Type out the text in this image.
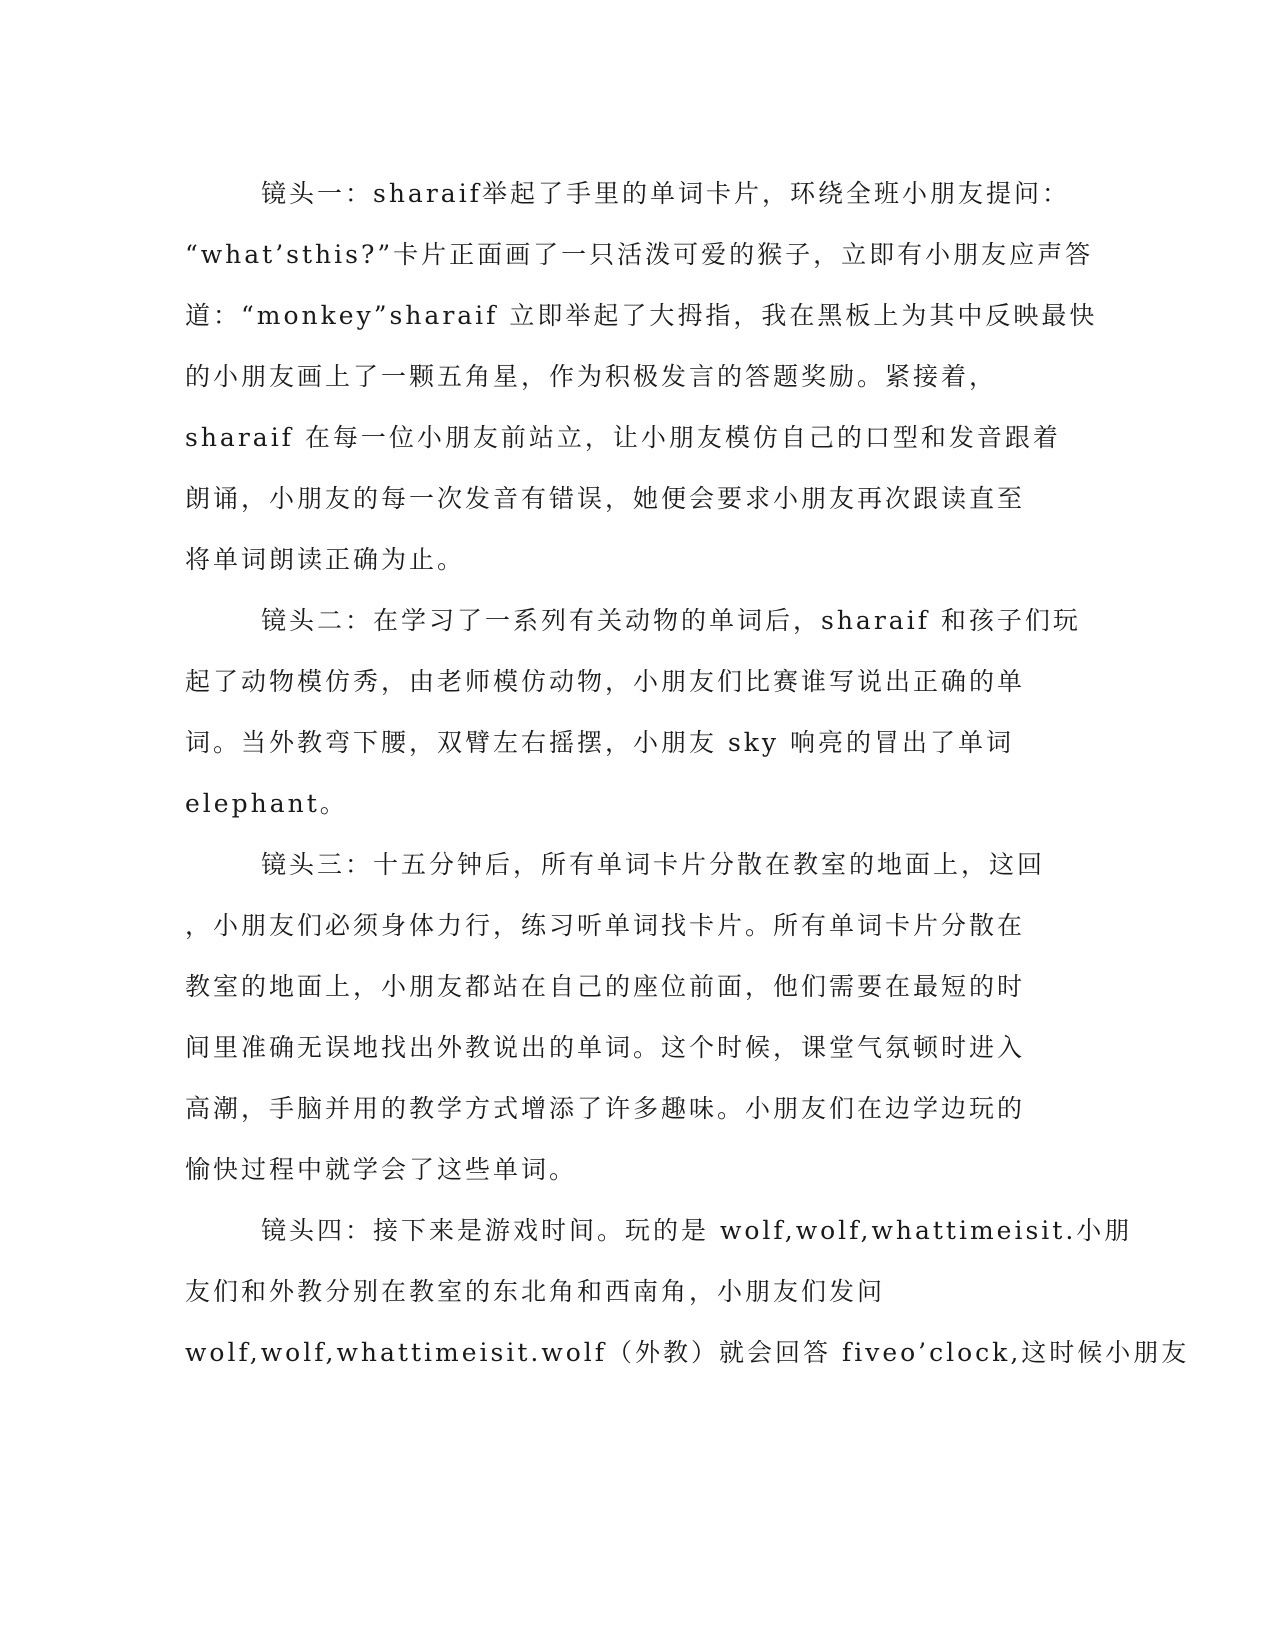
镜头一：sharaif举起了手里的单词卡片，环绕全班小朋友提问：
“what’sthis?”卡片正面画了一只活泼可爱的猴子，立即有小朋友应声答
道：“monkey”sharaif 立即举起了大拇指，我在黑板上为其中反映最快
的小朋友画上了一颗五角星，作为积极发言的答题奖励。紧接着，
sharaif 在每一位小朋友前站立，让小朋友模仿自己的口型和发音跟着
朗诵，小朋友的每一次发音有错误，她便会要求小朋友再次跟读直至
将单词朗读正确为止。
镜头二：在学习了一系列有关动物的单词后，sharaif 和孩子们玩
起了动物模仿秀，由老师模仿动物，小朋友们比赛谁写说出正确的单
词。当外教弯下腰，双臂左右摇摆，小朋友 sky 响亮的冒出了单词
elephant。
镜头三：十五分钟后，所有单词卡片分散在教室的地面上，这回
，小朋友们必须身体力行，练习听单词找卡片。所有单词卡片分散在
教室的地面上，小朋友都站在自己的座位前面，他们需要在最短的时
间里准确无误地找出外教说出的单词。这个时候，课堂气氛顿时进入
高潮，手脑并用的教学方式增添了许多趣味。小朋友们在边学边玩的
愉快过程中就学会了这些单词。
镜头四：接下来是游戏时间。玩的是 wolf,wolf,whattimeisit.小朋
友们和外教分别在教室的东北角和西南角，小朋友们发问
wolf,wolf,whattimeisit.wolf（外教）就会回答 fiveo’clock,这时候小朋友
